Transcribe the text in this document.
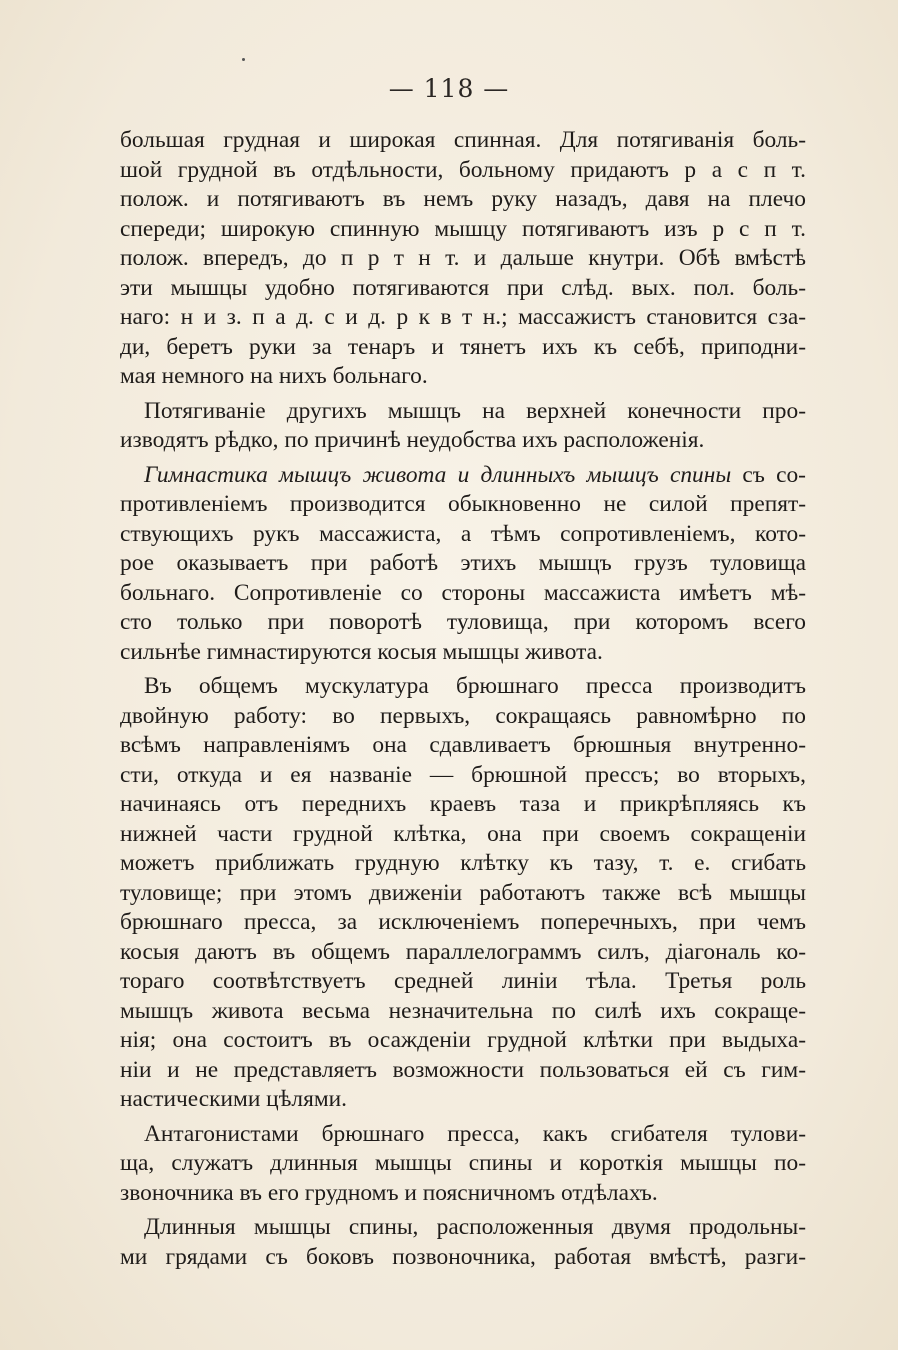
— 118 —
большая грудная и широкая спинная. Для потягиванія боль-
шой грудной въ отдѣльности, больному придаютъ р а с п т.
полож. и потягиваютъ въ немъ руку назадъ, давя на плечо
спереди; широкую спинную мышцу потягиваютъ изъ р с п т.
полож. впередъ, до п р т н т. и дальше кнутри. Обѣ вмѣстѣ
эти мышцы удобно потягиваются при слѣд. вых. пол. боль-
наго: н и з. п а д. с и д. р к в т н.; массажистъ становится сза-
ди, беретъ руки за тенаръ и тянетъ ихъ къ себѣ, приподни-
мая немного на нихъ больнаго.
Потягиваніе другихъ мышцъ на верхней конечности про-
изводятъ рѣдко, по причинѣ неудобства ихъ расположенія.
Гимнастика мышцъ живота и длинныхъ мышцъ спины съ со-
противленіемъ производится обыкновенно не силой препят-
ствующихъ рукъ массажиста, а тѣмъ сопротивленіемъ, кото-
рое оказываетъ при работѣ этихъ мышцъ грузъ туловища
больнаго. Сопротивленіе со стороны массажиста имѣетъ мѣ-
сто только при поворотѣ туловища, при которомъ всего
сильнѣе гимнастируются косыя мышцы живота.
Въ общемъ мускулатура брюшнаго пресса производитъ
двойную работу: во первыхъ, сокращаясь равномѣрно по
всѣмъ направленіямъ она сдавливаетъ брюшныя внутренно-
сти, откуда и ея названіе — брюшной прессъ; во вторыхъ,
начинаясь отъ переднихъ краевъ таза и прикрѣпляясь къ
нижней части грудной клѣтка, она при своемъ сокращеніи
можетъ приближать грудную клѣтку къ тазу, т. е. сгибать
туловище; при этомъ движеніи работаютъ также всѣ мышцы
брюшнаго пресса, за исключеніемъ поперечныхъ, при чемъ
косыя даютъ въ общемъ параллелограммъ силъ, діагональ ко-
тораго соотвѣтствуетъ средней линіи тѣла. Третья роль
мышцъ живота весьма незначительна по силѣ ихъ сокраще-
нія; она состоитъ въ осажденіи грудной клѣтки при выдыха-
ніи и не представляетъ возможности пользоваться ей съ гим-
настическими цѣлями.
Антагонистами брюшнаго пресса, какъ сгибателя тулови-
ща, служатъ длинныя мышцы спины и короткія мышцы по-
звоночника въ его грудномъ и поясничномъ отдѣлахъ.
Длинныя мышцы спины, расположенныя двумя продольны-
ми грядами съ боковъ позвоночника, работая вмѣстѣ, разги-
